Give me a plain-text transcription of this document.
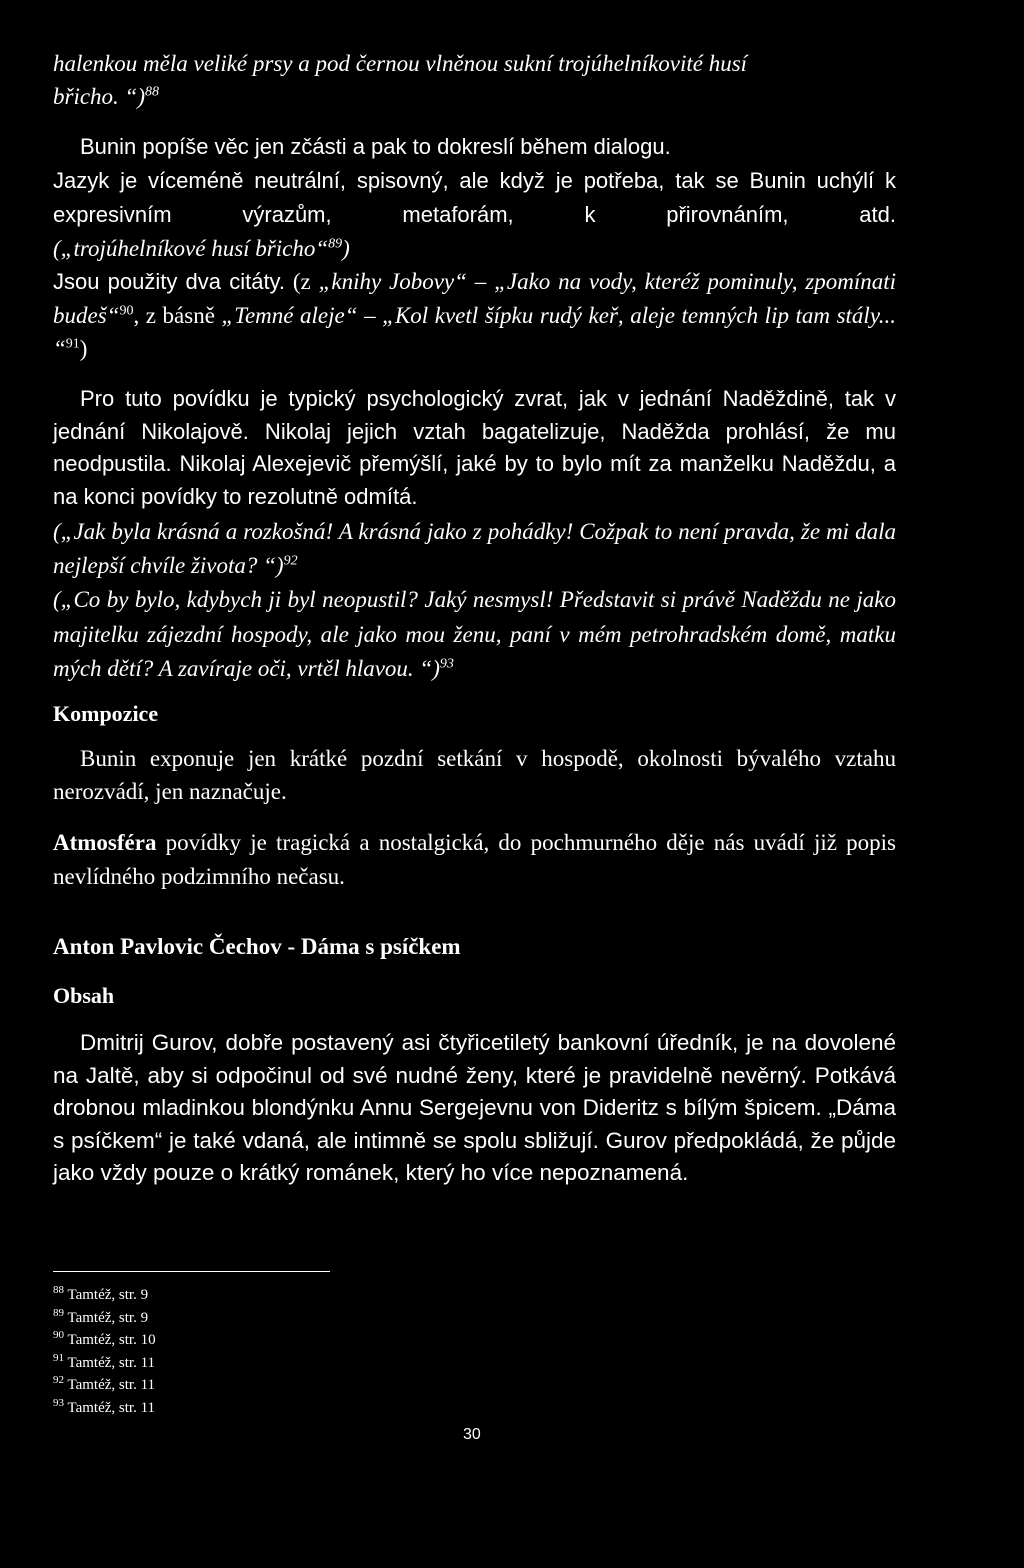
halenkou měla veliké prsy a pod černou vlněnou sukní trojúhelníkovité husí

břicho. “)$^{88}$

Bunin popíše věc jen zčásti a pak to dokreslí během dialogu.

Jazyk je víceméně neutrální, spisovný, ale když je potřeba, tak se Bunin uchýlí k expresivním výrazům, metaforám, k přirovnáním, atd.

(„trojúhelníkové husí břicho“$^{89}$)

Jsou použity dva citáty. (z „knihy Jobovy“ – „Jako na vody, kteréž pominuly, zpomínati budeš“$^{90}$, z básně „Temné aleje“ – „Kol kvetl šípku rudý keř, aleje temných lip tam stály... “$^{91}$)

Pro tuto povídku je typický psychologický zvrat, jak v jednání Naděždině, tak v jednání Nikolajově. Nikolaj jejich vztah bagatelizuje, Naděžda prohlásí, že mu neodpustila. Nikolaj Alexejevič přemýšlí, jaké by to bylo mít za manželku Naděždu, a na konci povídky to rezolutně odmítá.

(„Jak byla krásná a rozkošná! A krásná jako z pohádky! Cožpak to není pravda, že mi dala nejlepší chvíle života? “)$^{92}$

(„Co by bylo, kdybych ji byl neopustil? Jaký nesmysl! Představit si právě Naděždu ne jako majitelku zájezdní hospody, ale jako mou ženu, paní v mém petrohradském domě, matku mých dětí? A zavíraje oči, vrtěl hlavou. “)$^{93}$

Kompozice

Bunin exponuje jen krátké pozdní setkání v hospodě, okolnosti bývalého vztahu nerozvádí, jen naznačuje.

Atmosféra povídky je tragická a nostalgická, do pochmurného děje nás uvádí již popis nevlídného podzimního nečasu.

Anton Pavlovic Čechov - Dáma s psíčkem

Obsah

Dmitrij Gurov, dobře postavený asi čtyřicetiletý bankovní úředník, je na dovolené na Jaltě, aby si odpočinul od své nudné ženy, které je pravidelně nevěrný. Potkává drobnou mladinkou blondýnku Annu Sergejevnu von Dideritz s bílým špicem. „Dáma s psíčkem“ je také vdaná, ale intimně se spolu sbližují. Gurov předpokládá, že půjde jako vždy pouze o krátký románek, který ho více nepoznamená.

$^{88}$ Tamtéž, str. 9

$^{89}$ Tamtéž, str. 9

$^{90}$ Tamtéž, str. 10

$^{91}$ Tamtéž, str. 11

$^{92}$ Tamtéž, str. 11

$^{93}$ Tamtéž, str. 11

30
